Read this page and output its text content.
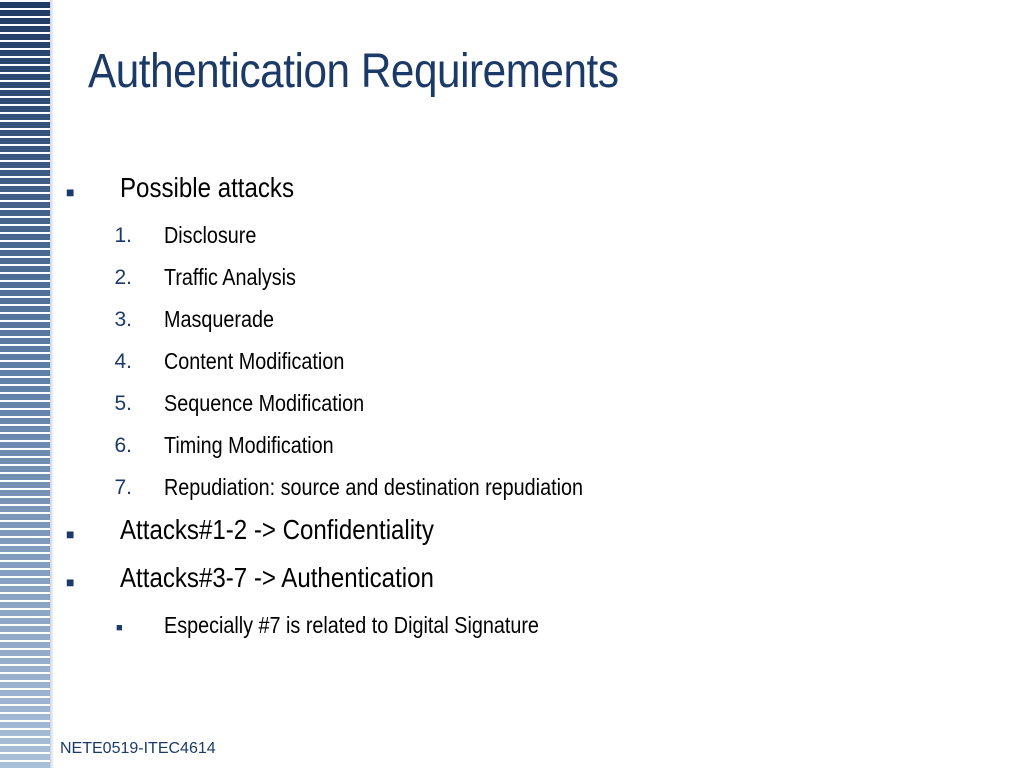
Authentication Requirements
■ Possible attacks
1. Disclosure
2. Traffic Analysis
3. Masquerade
4. Content Modification
5. Sequence Modification
6. Timing Modification
7. Repudiation: source and destination repudiation
■ Attacks#1-2 -> Confidentiality
■ Attacks#3-7 -> Authentication
■ Especially #7 is related to Digital Signature
NETE0519-ITEC4614
